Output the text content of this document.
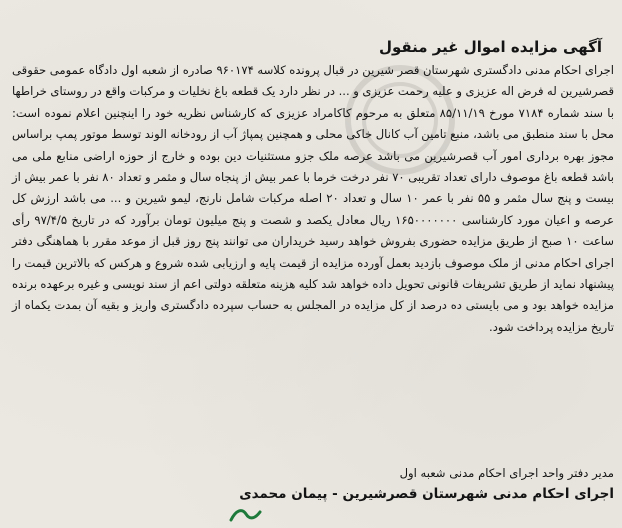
آگهی مزایده اموال غیر منقول

اجرای احکام مدنی دادگستری شهرستان قصر شیرین در قبال پرونده کلاسه ۹۶۰۱۷۴ صادره از شعبه اول دادگاه عمومی حقوقی قصرشیرین له فرض اله عزیزی و علیه رحمت عزیزی و ... در نظر دارد یک قطعه باغ نخلیات و مرکبات واقع در روستای خراطها با سند شماره ۷۱۸۴ مورخ ۸۵/۱۱/۱۹ متعلق به مرحوم کاکامراد عزیزی که کارشناس نظریه خود را اینچنین اعلام نموده است: محل با سند منطبق می باشد، منبع تامین آب کانال خاکی محلی و همچنین پمپاژ آب از رودخانه الوند توسط موتور پمپ براساس مجوز بهره برداری امور آب قصرشیرین می باشد عرصه ملک جزو مستثنیات دین بوده و خارج از حوزه اراضی منابع ملی می باشد قطعه باغ موصوف دارای تعداد تقریبی ۷۰ نفر درخت خرما با عمر بیش از پنجاه سال و مثمر و تعداد ۸۰ نفر با عمر بیش از بیست و پنج سال مثمر و ۵۵ نفر با عمر ۱۰ سال و تعداد ۲۰ اصله مرکبات شامل نارنج، لیمو شیرین و ... می باشد ارزش کل عرصه و اعیان مورد کارشناسی ۱۶۵۰۰۰۰۰۰۰ ریال معادل یکصد و شصت و پنج میلیون تومان برآورد که در تاریخ ۹۷/۴/۵ رأی ساعت ۱۰ صبح از طریق مزایده حضوری بفروش خواهد رسید خریداران می توانند پنج روز قبل از موعد مقرر با هماهنگی دفتر اجرای احکام مدنی از ملک موصوف بازدید بعمل آورده مزایده از قیمت پایه و ارزیابی شده شروع و هرکس که بالاترین قیمت را پیشنهاد نماید از طریق تشریفات قانونی تحویل داده خواهد شد کلیه هزینه متعلقه دولتی اعم از سند نویسی و غیره برعهده برنده مزایده خواهد بود و می بایستی ده درصد از کل مزایده در المجلس به حساب سپرده دادگستری واریز و بقیه آن بمدت یکماه از تاریخ مزایده پرداخت شود.

مدیر دفتر واحد اجرای احکام مدنی شعبه اول

اجرای احکام مدنی شهرستان قصرشیرین - پیمان محمدی
